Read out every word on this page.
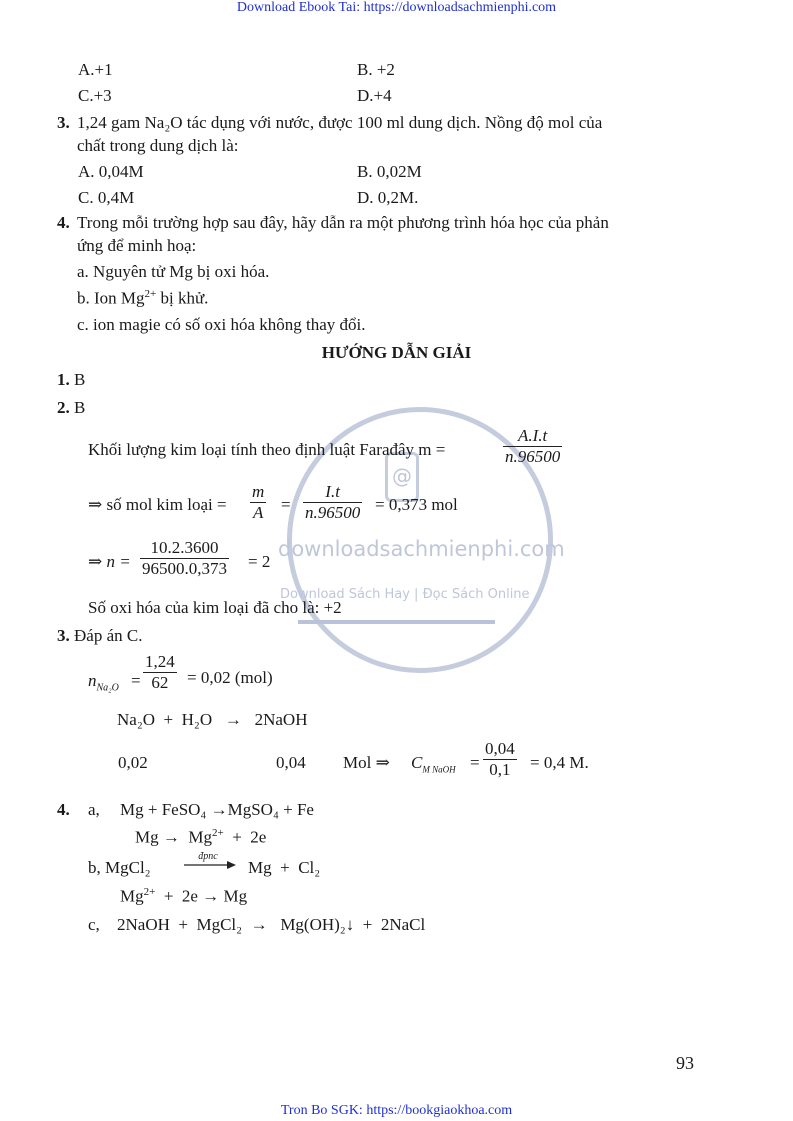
Download Ebook Tai: https://downloadsachmienphi.com
Tron Bo SGK: https://bookgiaokhoa.com
@
downloadsachmienphi.com
Download Sách Hay | Đọc Sách Online
A.+1	B. +2
C.+3	D.+4
3. 1,24 gam Na₂O tác dụng với nước, được 100 ml dung dịch. Nồng độ mol của
chất trong dung dịch là:
A. 0,04M	B. 0,02M
C. 0,4M	D. 0,2M.
4. Trong mỗi trường hợp sau đây, hãy dẫn ra một phương trình hóa học của phản
ứng để minh hoạ:
a. Nguyên tử Mg bị oxi hóa.
b. Ion $Mg^{2+}$ bị khử.
c. ion magie có số oxi hóa không thay đổi.
HƯỚNG DẪN GIẢI
1. B
2. B
Khối lượng kim loại tính theo định luật Farađây m =	$\frac{A.I.t}{n.96500}$
⇒ số mol kim loại = $\frac{m}{A} = \frac{I.t}{n.96500} = 0,373$ mol
⇒ $n = \frac{10.2.3600}{96500.0,373} = 2$
Số oxi hóa của kim loại đã cho là: +2
3. Đáp án C.
$n_{Na_2O} = \frac{1,24}{62} = 0,02$ (mol)
Na₂O  +  H₂O   →   2NaOH
0,02	0,04 Mol ⇒ $C_{M NaOH} = \frac{0,04}{0,1} = 0,4$ M.
4. a, Mg + FeSO₄ →MgSO₄ + Fe
$Mg \to Mg^{2+} + 2e$
b, MgCl₂
đpnc
Mg  +  Cl₂
$Mg^{2+} + 2e \to Mg$
c, 2NaOH  +  MgCl₂  →   Mg(OH)₂↓  +  2NaCl
93
